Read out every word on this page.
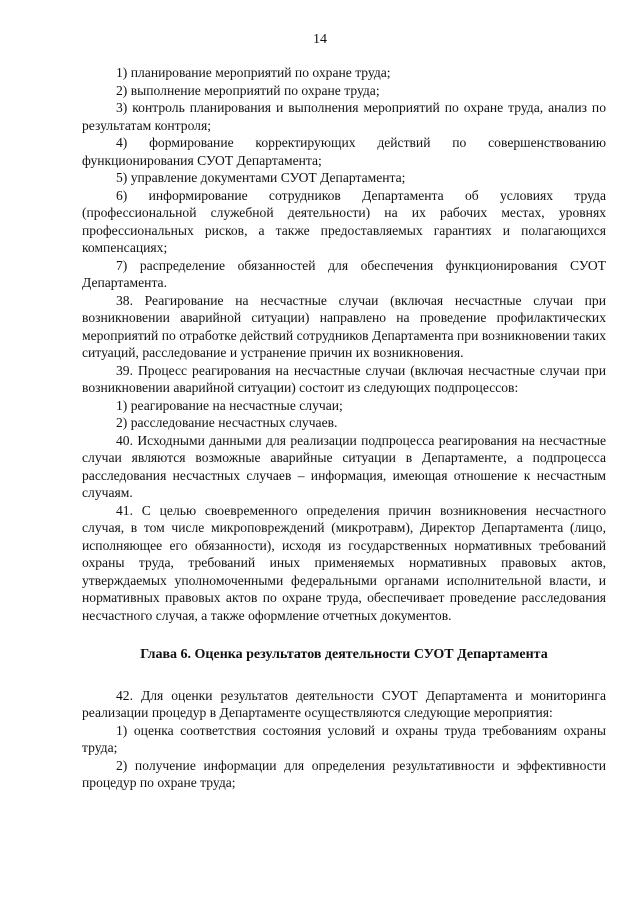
14

1) планирование мероприятий по охране труда;

2) выполнение мероприятий по охране труда;

3) контроль планирования и выполнения мероприятий по охране труда, анализ по результатам контроля;

4) формирование корректирующих действий по совершенствованию функционирования СУОТ Департамента;

5) управление документами СУОТ Департамента;

6) информирование сотрудников Департамента об условиях труда (профессиональной служебной деятельности) на их рабочих местах, уровнях профессиональных рисков, а также предоставляемых гарантиях и полагающихся компенсациях;

7) распределение обязанностей для обеспечения функционирования СУОТ Департамента.

38. Реагирование на несчастные случаи (включая несчастные случаи при возникновении аварийной ситуации) направлено на проведение профилактических мероприятий по отработке действий сотрудников Департамента при возникновении таких ситуаций, расследование и устранение причин их возникновения.

39. Процесс реагирования на несчастные случаи (включая несчастные случаи при возникновении аварийной ситуации) состоит из следующих подпроцессов:

1) реагирование на несчастные случаи;

2) расследование несчастных случаев.

40. Исходными данными для реализации подпроцесса реагирования на несчастные случаи являются возможные аварийные ситуации в Департаменте, а подпроцесса расследования несчастных случаев – информация, имеющая отношение к несчастным случаям.

41. С целью своевременного определения причин возникновения несчастного случая, в том числе микроповреждений (микротравм), Директор Департамента (лицо, исполняющее его обязанности), исходя из государственных нормативных требований охраны труда, требований иных применяемых нормативных правовых актов, утверждаемых уполномоченными федеральными органами исполнительной власти, и нормативных правовых актов по охране труда, обеспечивает проведение расследования несчастного случая, а также оформление отчетных документов.

Глава 6. Оценка результатов деятельности СУОТ Департамента

42. Для оценки результатов деятельности СУОТ Департамента и мониторинга реализации процедур в Департаменте осуществляются следующие мероприятия:

1) оценка соответствия состояния условий и охраны труда требованиям охраны труда;

2) получение информации для определения результативности и эффективности процедур по охране труда;
